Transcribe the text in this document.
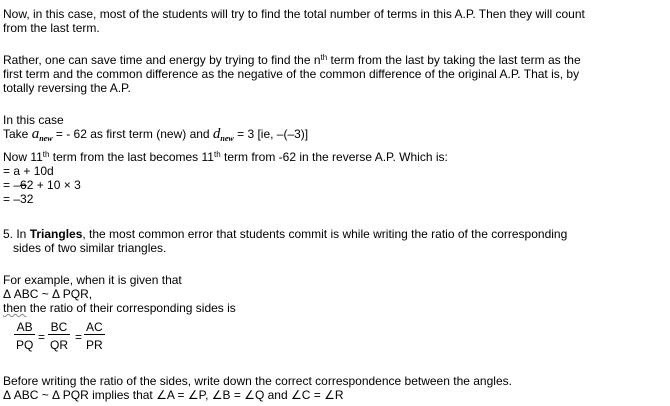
Now, in this case, most of the students will try to find the total number of terms in this A.P. Then they will count
from the last term.
Rather, one can save time and energy by trying to find the $n^{th}$ term from the last by taking the last term as the
first term and the common difference as the negative of the common difference of the original A.P. That is, by
totally reversing the A.P.
In this case
Take $a_{new}$ = - 62 as first term (new) and $d_{new} = 3$ [ie, –(–3)]
Now 11th term from the last becomes 11th term from -62 in the reverse A.P. Which is:
= a + 10d
= –62 + 10 × 3
= –32
5. In Triangles, the most common error that students commit is while writing the ratio of the corresponding
sides of two similar triangles.
For example, when it is given that
Δ ABC ~ Δ PQR,
then the ratio of their corresponding sides is
$\frac{AB}{PQ} = \frac{BC}{QR} = \frac{AC}{PR}$
Before writing the ratio of the sides, write down the correct correspondence between the angles.
Δ ABC ~ Δ PQR implies that ∠A = ∠P, ∠B = ∠Q and ∠C = ∠R
